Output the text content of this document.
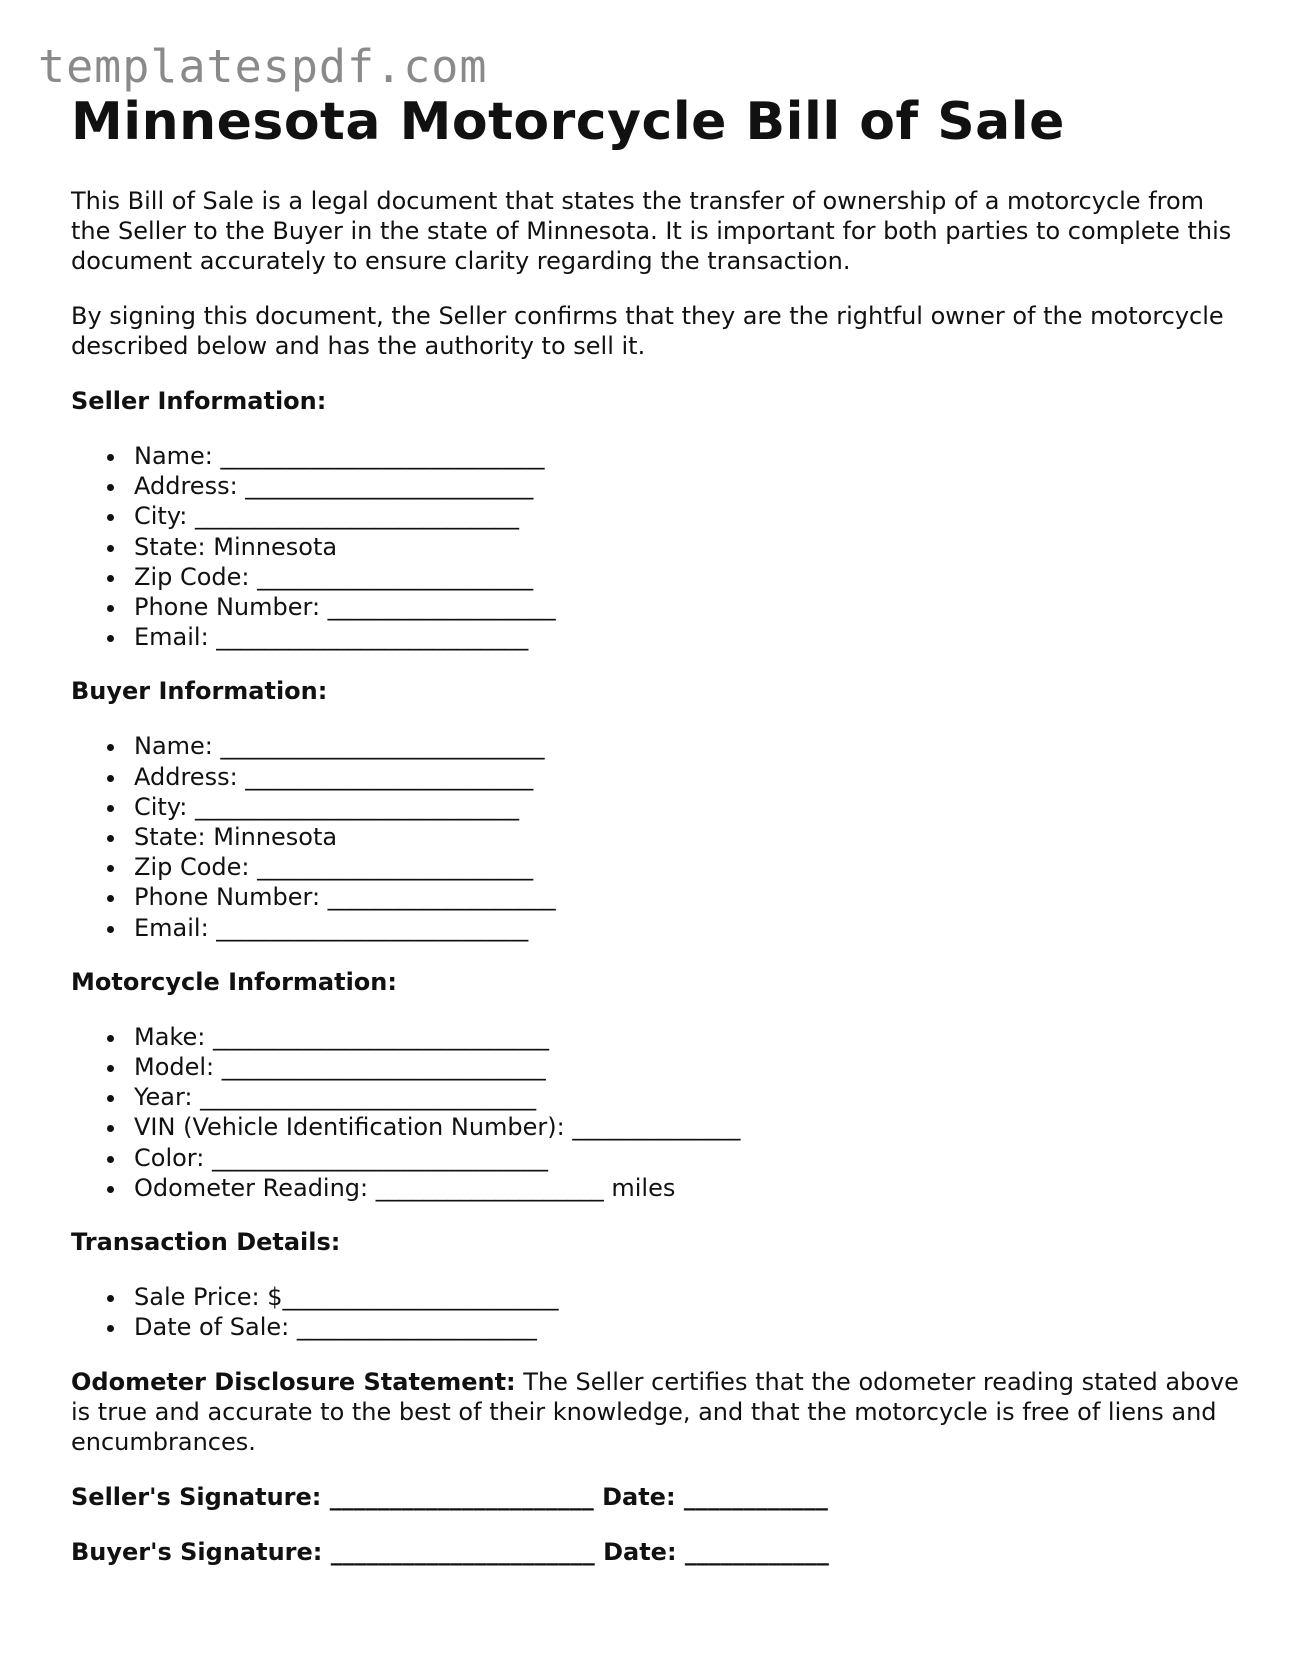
templatespdf.com
Minnesota Motorcycle Bill of Sale

This Bill of Sale is a legal document that states the transfer of ownership of a motorcycle from the Seller to the Buyer in the state of Minnesota. It is important for both parties to complete this document accurately to ensure clarity regarding the transaction.

By signing this document, the Seller confirms that they are the rightful owner of the motorcycle described below and has the authority to sell it.

Seller Information:
Name: ___________________________
Address: ________________________
City: ___________________________
State: Minnesota
Zip Code: _______________________
Phone Number: ___________________
Email: __________________________
Buyer Information:
Name: ___________________________
Address: ________________________
City: ___________________________
State: Minnesota
Zip Code: _______________________
Phone Number: ___________________
Email: __________________________
Motorcycle Information:
Make: ____________________________
Model: ___________________________
Year: ____________________________
VIN (Vehicle Identification Number): ______________
Color: ____________________________
Odometer Reading: ___________________ miles
Transaction Details:
Sale Price: $_______________________
Date of Sale: ____________________

Odometer Disclosure Statement: The Seller certifies that the odometer reading stated above is true and accurate to the best of their knowledge, and that the motorcycle is free of liens and encumbrances.

Seller's Signature: ______________________ Date: ____________
Buyer's Signature: ______________________ Date: ____________
